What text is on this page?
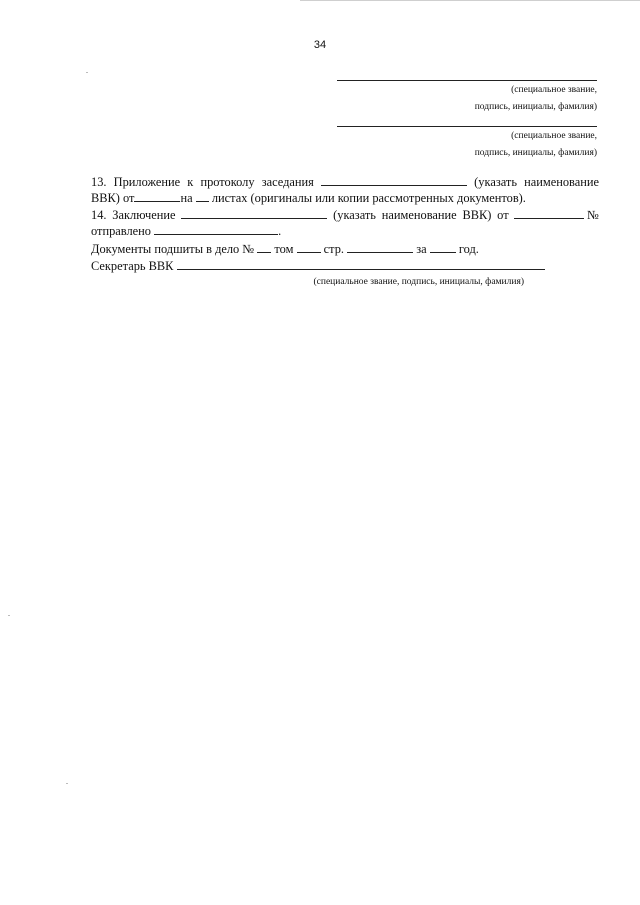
34
(специальное звание,
подпись, инициалы, фамилия)
(специальное звание,
подпись, инициалы, фамилия)
13. Приложение к протоколу заседания	(указать наименование
ВВК) от	на листах (оригиналы или копии рассмотренных документов).
14. Заключение	(указать наименование ВВК) от	№
отправлено	.
Документы подшиты в дело № том стр.	за	год.
Секретарь ВВК
(специальное звание, подпись, инициалы, фамилия)
